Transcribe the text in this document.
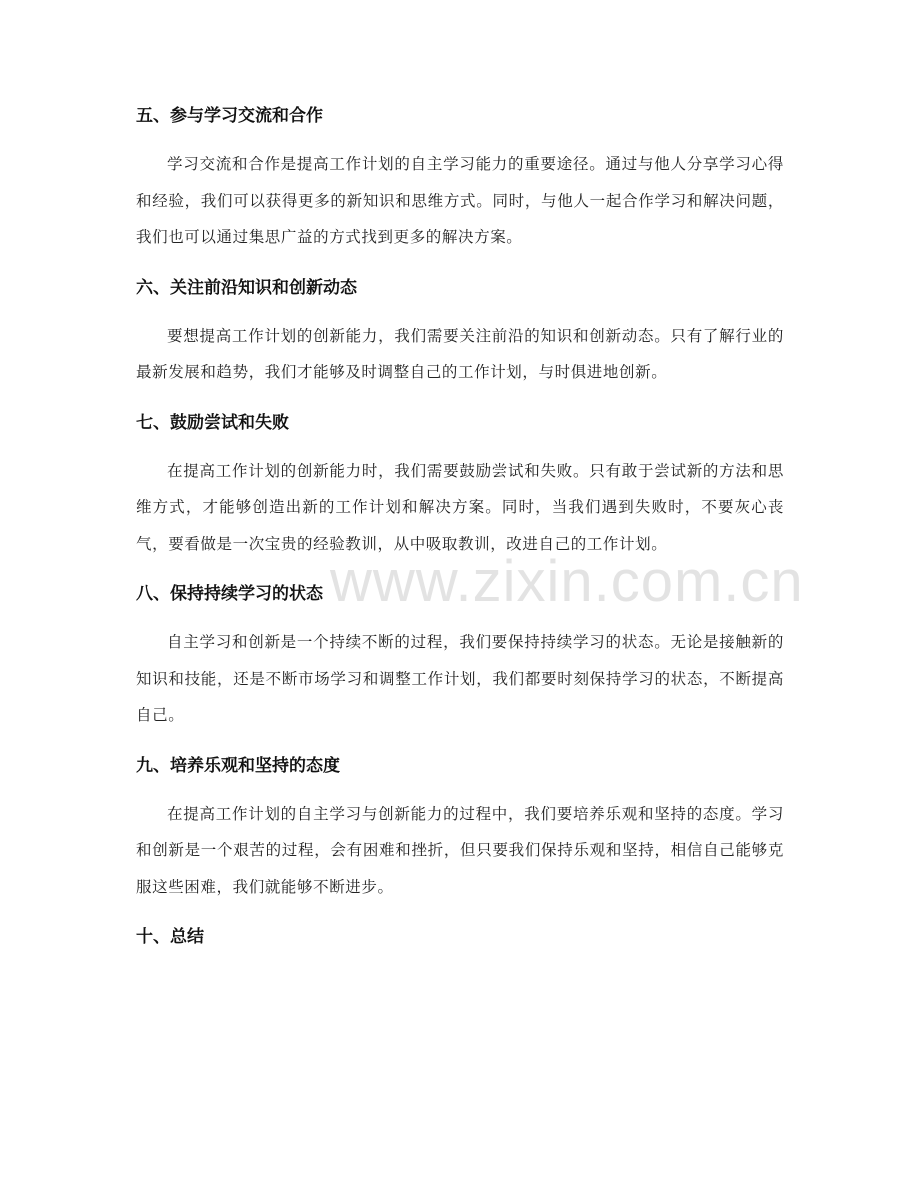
www.zixin.com.cn
五、参与学习交流和合作

学习交流和合作是提高工作计划的自主学习能力的重要途径。通过与他人分享学习心得和经验，我们可以获得更多的新知识和思维方式。同时，与他人一起合作学习和解决问题，我们也可以通过集思广益的方式找到更多的解决方案。

六、关注前沿知识和创新动态

要想提高工作计划的创新能力，我们需要关注前沿的知识和创新动态。只有了解行业的最新发展和趋势，我们才能够及时调整自己的工作计划，与时俱进地创新。

七、鼓励尝试和失败

在提高工作计划的创新能力时，我们需要鼓励尝试和失败。只有敢于尝试新的方法和思维方式，才能够创造出新的工作计划和解决方案。同时，当我们遇到失败时，不要灰心丧气，要看做是一次宝贵的经验教训，从中吸取教训，改进自己的工作计划。

八、保持持续学习的状态

自主学习和创新是一个持续不断的过程，我们要保持持续学习的状态。无论是接触新的知识和技能，还是不断市场学习和调整工作计划，我们都要时刻保持学习的状态，不断提高自己。

九、培养乐观和坚持的态度

在提高工作计划的自主学习与创新能力的过程中，我们要培养乐观和坚持的态度。学习和创新是一个艰苦的过程，会有困难和挫折，但只要我们保持乐观和坚持，相信自己能够克服这些困难，我们就能够不断进步。

十、总结
